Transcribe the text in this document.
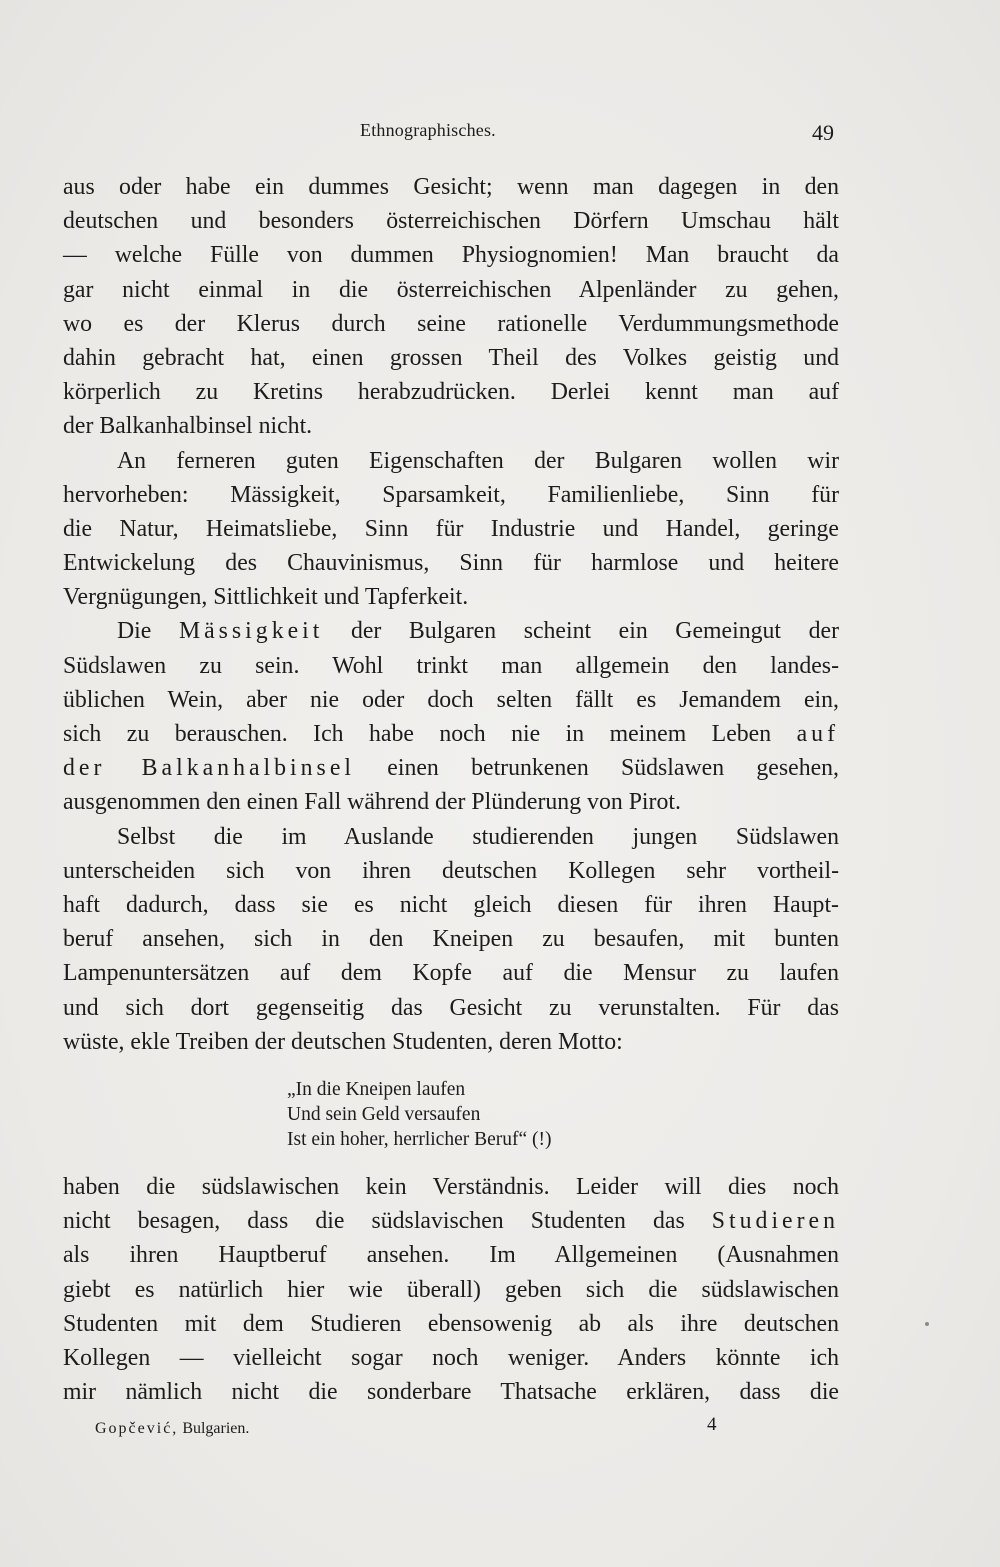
Ethnographisches.	49
aus oder habe ein dummes Gesicht; wenn man dagegen in den
deutschen und besonders österreichischen Dörfern Umschau hält
— welche Fülle von dummen Physiognomien! Man braucht da
gar nicht einmal in die österreichischen Alpenländer zu gehen,
wo es der Klerus durch seine rationelle Verdummungsmethode
dahin gebracht hat, einen grossen Theil des Volkes geistig und
körperlich zu Kretins herabzudrücken. Derlei kennt man auf
der Balkanhalbinsel nicht.
An ferneren guten Eigenschaften der Bulgaren wollen wir
hervorheben: Mässigkeit, Sparsamkeit, Familienliebe, Sinn für
die Natur, Heimatsliebe, Sinn für Industrie und Handel, geringe
Entwickelung des Chauvinismus, Sinn für harmlose und heitere
Vergnügungen, Sittlichkeit und Tapferkeit.
Die Mässigkeit der Bulgaren scheint ein Gemeingut der
Südslawen zu sein. Wohl trinkt man allgemein den landes-
üblichen Wein, aber nie oder doch selten fällt es Jemandem ein,
sich zu berauschen. Ich habe noch nie in meinem Leben auf
der Balkanhalbinsel einen betrunkenen Südslawen gesehen,
ausgenommen den einen Fall während der Plünderung von Pirot.
Selbst die im Auslande studierenden jungen Südslawen
unterscheiden sich von ihren deutschen Kollegen sehr vortheil-
haft dadurch, dass sie es nicht gleich diesen für ihren Haupt-
beruf ansehen, sich in den Kneipen zu besaufen, mit bunten
Lampenuntersätzen auf dem Kopfe auf die Mensur zu laufen
und sich dort gegenseitig das Gesicht zu verunstalten. Für das
wüste, ekle Treiben der deutschen Studenten, deren Motto:
„In die Kneipen laufen
Und sein Geld versaufen
Ist ein hoher, herrlicher Beruf“ (!)
haben die südslawischen kein Verständnis. Leider will dies noch
nicht besagen, dass die südslavischen Studenten das Studieren
als ihren Hauptberuf ansehen. Im Allgemeinen (Ausnahmen
giebt es natürlich hier wie überall) geben sich die südslawischen
Studenten mit dem Studieren ebensowenig ab als ihre deutschen
Kollegen — vielleicht sogar noch weniger. Anders könnte ich
mir nämlich nicht die sonderbare Thatsache erklären, dass die
Gopčević, Bulgarien.	4
